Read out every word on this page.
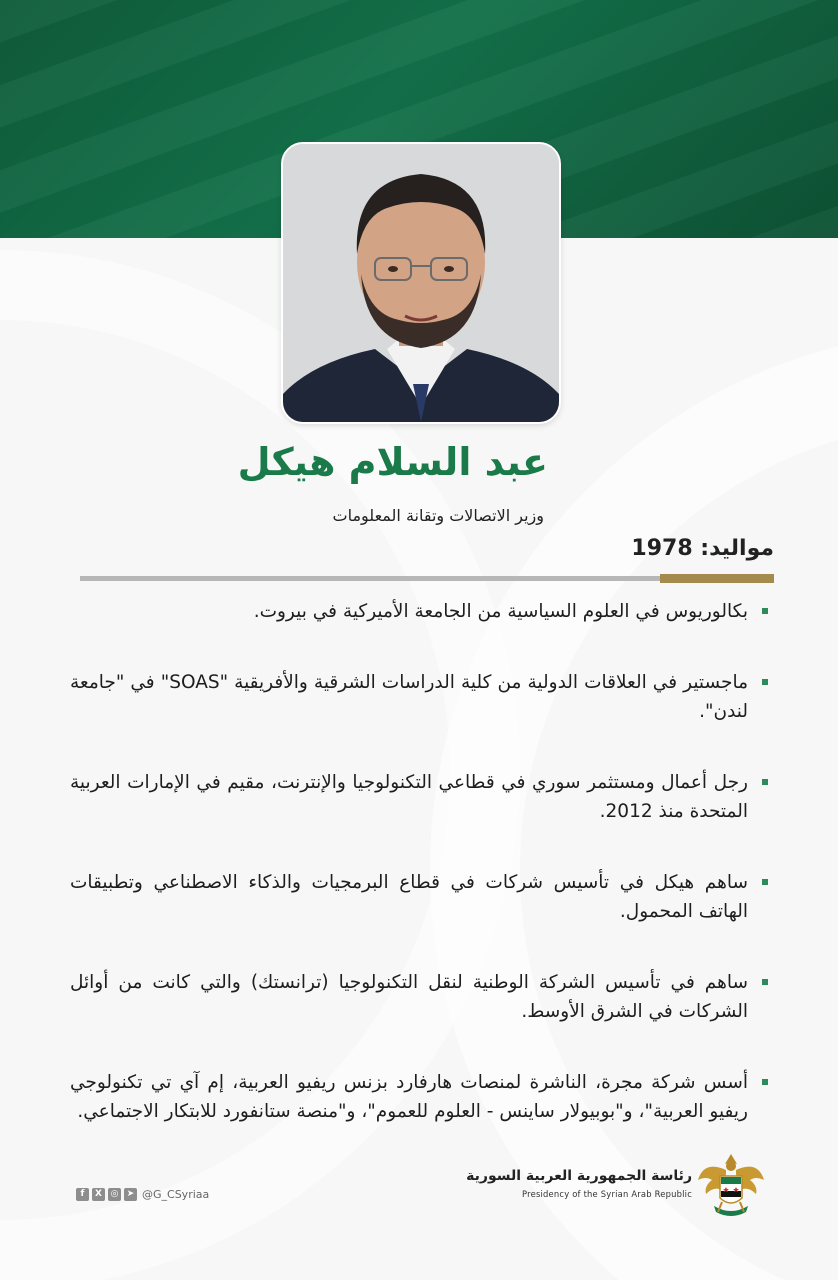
عبد السلام هيكل
وزير الاتصالات وتقانة المعلومات
مواليد: 1978
بكالوريوس في العلوم السياسية من الجامعة الأميركية في بيروت.
ماجستير في العلاقات الدولية من كلية الدراسات الشرقية والأفريقية "SOAS" في "جامعة لندن".
رجل أعمال ومستثمر سوري في قطاعي التكنولوجيا والإنترنت، مقيم في الإمارات العربية المتحدة منذ 2012.
ساهم هيكل في تأسيس شركات في قطاع البرمجيات والذكاء الاصطناعي وتطبيقات الهاتف المحمول.
ساهم في تأسيس الشركة الوطنية لنقل التكنولوجيا (ترانستك) والتي كانت من أوائل الشركات في الشرق الأوسط.
أسس شركة مجرة، الناشرة لمنصات هارفارد بزنس ريفيو العربية، إم آي تي تكنولوجي ريفيو العربية"، و"بوبيولار ساينس - العلوم للعموم"، و"منصة ستانفورد للابتكار الاجتماعي.
f	X ◎ ➤ @G_CSyriaa
رئاسة الجمهورية العربية السورية
Presidency of the Syrian Arab Republic
